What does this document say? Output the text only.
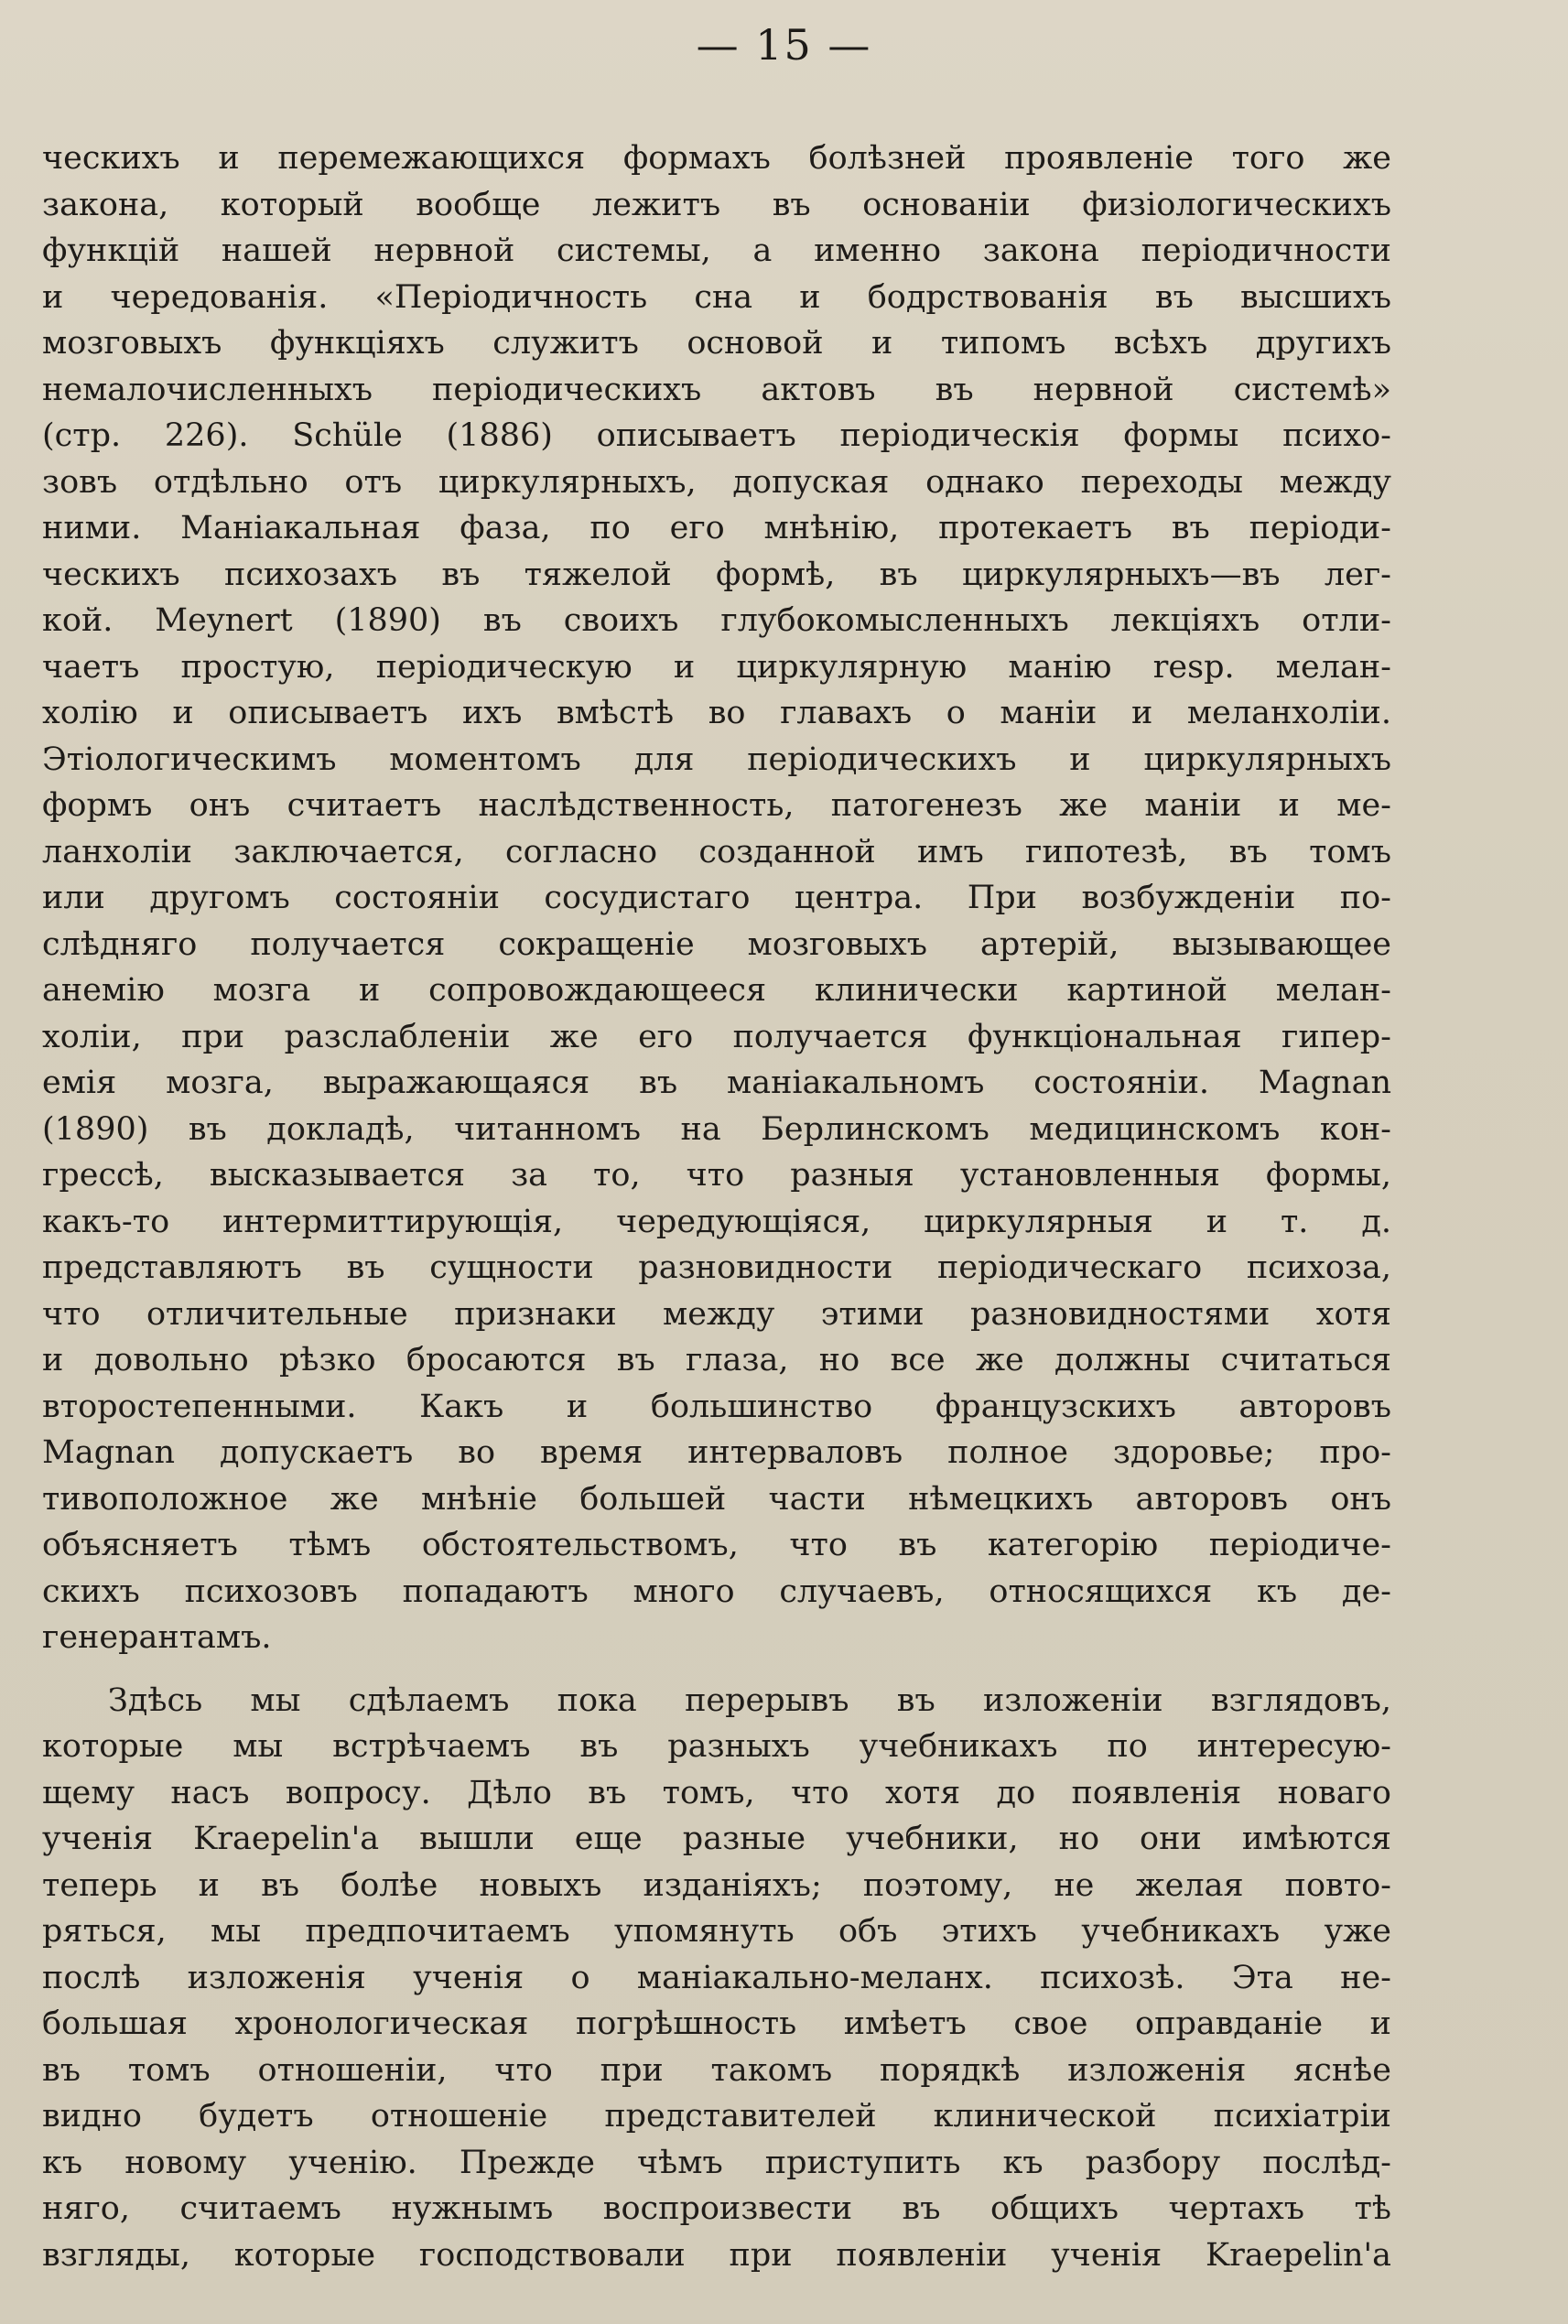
— 15 —
ческихъ и перемежающихся формахъ болѣзней проявленіе того же
закона, который вообще лежитъ въ основаніи физіологическихъ
функцій нашей нервной системы, а именно закона періодичности
и чередованія. «Періодичность сна и бодрствованія въ высшихъ
мозговыхъ функціяхъ служитъ основой и типомъ всѣхъ другихъ
немалочисленныхъ періодическихъ актовъ въ нервной системѣ»
(стр. 226). Schüle (1886) описываетъ періодическія формы психо-
зовъ отдѣльно отъ циркулярныхъ, допуская однако переходы между
ними. Маніакальная фаза, по его мнѣнію, протекаетъ въ періоди-
ческихъ психозахъ въ тяжелой формѣ, въ циркулярныхъ—въ лег-
кой. Meynert (1890) въ своихъ глубокомысленныхъ лекціяхъ отли-
чаетъ простую, періодическую и циркулярную манію resp. мелан-
холію и описываетъ ихъ вмѣстѣ во главахъ о маніи и меланхоліи.
Этіологическимъ моментомъ для періодическихъ и циркулярныхъ
формъ онъ считаетъ наслѣдственность, патогенезъ же маніи и ме-
ланхоліи заключается, согласно созданной имъ гипотезѣ, въ томъ
или другомъ состояніи сосудистаго центра. При возбужденіи по-
слѣдняго получается сокращеніе мозговыхъ артерій, вызывающее
анемію мозга и сопровождающееся клинически картиной мелан-
холіи, при разслабленіи же его получается функціональная гипер-
емія мозга, выражающаяся въ маніакальномъ состояніи. Magnan
(1890) въ докладѣ, читанномъ на Берлинскомъ медицинскомъ кон-
грессѣ, высказывается за то, что разныя установленныя формы,
какъ-то интермиттирующія, чередующіяся, циркулярныя и т. д.
представляютъ въ сущности разновидности періодическаго психоза,
что отличительные признаки между этими разновидностями хотя
и довольно рѣзко бросаются въ глаза, но все же должны считаться
второстепенными. Какъ и большинство французскихъ авторовъ
Magnan допускаетъ во время интерваловъ полное здоровье; про-
тивоположное же мнѣніе большей части нѣмецкихъ авторовъ онъ
объясняетъ тѣмъ обстоятельствомъ, что въ категорію періодиче-
скихъ психозовъ попадаютъ много случаевъ, относящихся къ де-
генерантамъ.
Здѣсь мы сдѣлаемъ пока перерывъ въ изложеніи взглядовъ,
которые мы встрѣчаемъ въ разныхъ учебникахъ по интересую-
щему насъ вопросу. Дѣло въ томъ, что хотя до появленія новаго
ученія Kraepelin'a вышли еще разные учебники, но они имѣются
теперь и въ болѣе новыхъ изданіяхъ; поэтому, не желая повто-
ряться, мы предпочитаемъ упомянуть объ этихъ учебникахъ уже
послѣ изложенія ученія о маніакально-меланх. психозѣ. Эта не-
большая хронологическая погрѣшность имѣетъ свое оправданіе и
въ томъ отношеніи, что при такомъ порядкѣ изложенія яснѣе
видно будетъ отношеніе представителей клинической психіатріи
къ новому ученію. Прежде чѣмъ приступить къ разбору послѣд-
няго, считаемъ нужнымъ воспроизвести въ общихъ чертахъ тѣ
взгляды, которые господствовали при появленіи ученія Kraepelin'a
